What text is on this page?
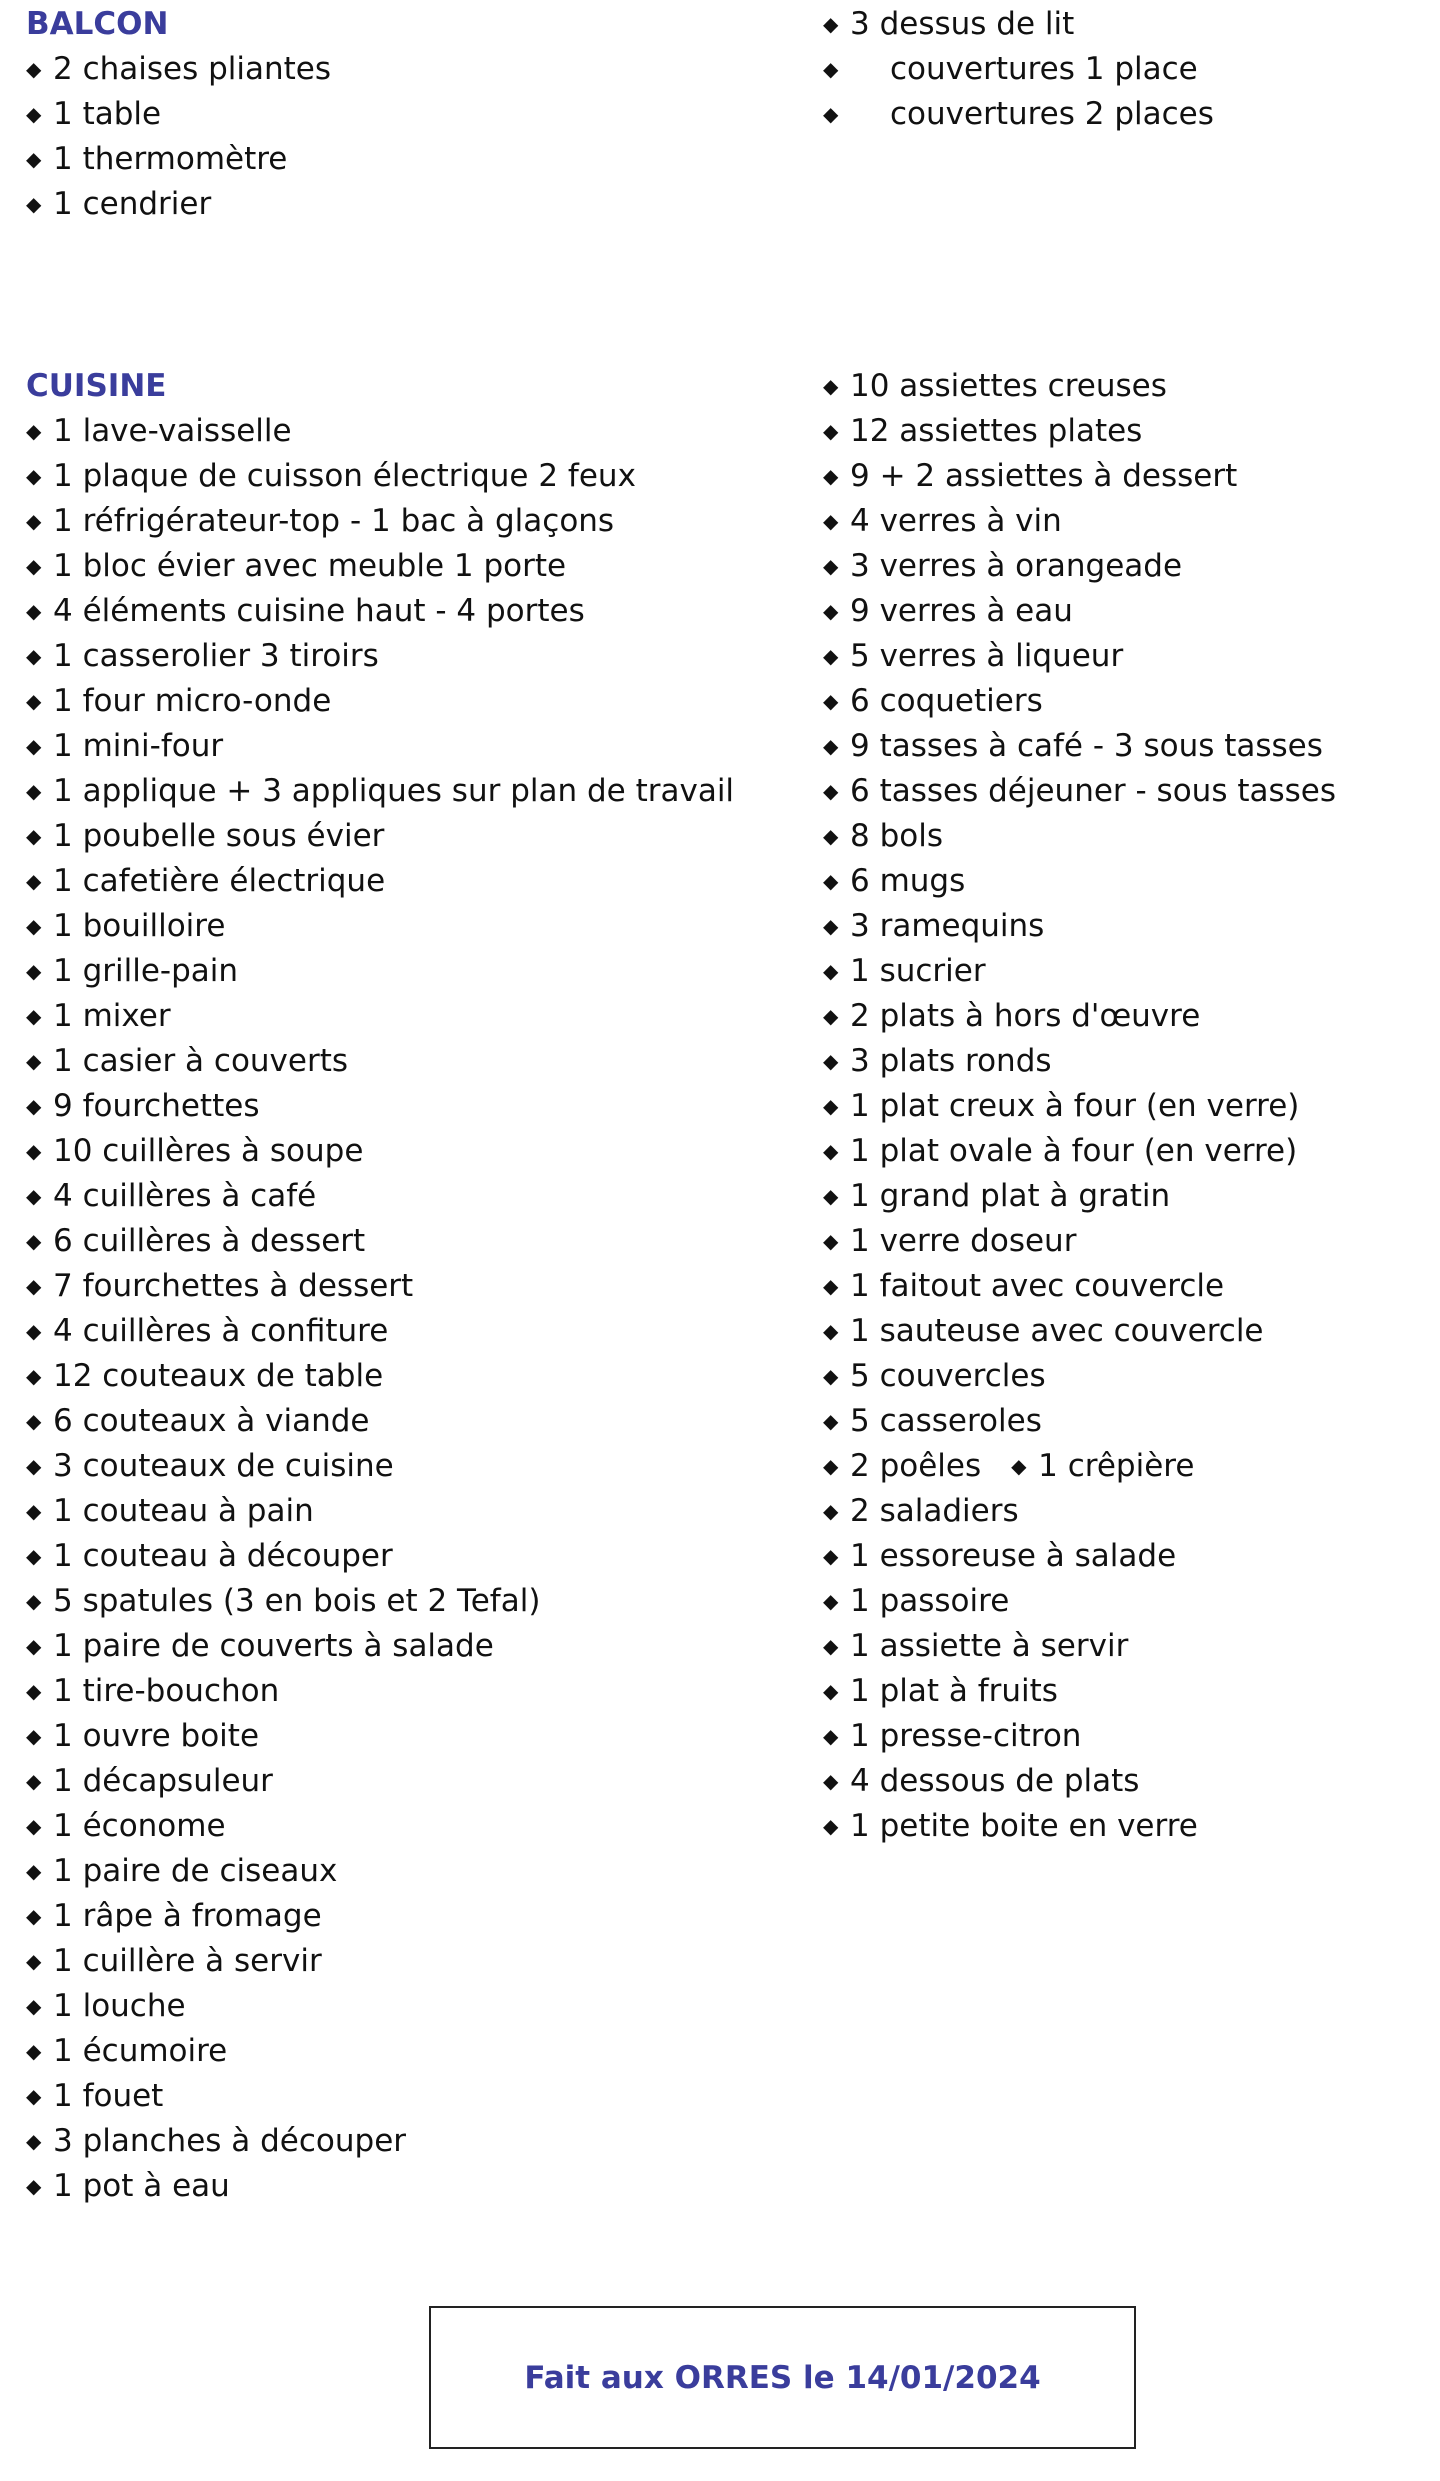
BALCON
◆ 2 chaises pliantes
◆ 1 table
◆ 1 thermomètre
◆ 1 cendrier
◆ 3 dessus de lit
◆ couvertures 1 place
◆ couvertures 2 places
CUISINE
◆ 1 lave-vaisselle
◆ 1 plaque de cuisson électrique 2 feux
◆ 1 réfrigérateur-top - 1 bac à glaçons
◆ 1 bloc évier avec meuble 1 porte
◆ 4 éléments cuisine haut - 4 portes
◆ 1 casserolier 3 tiroirs
◆ 1 four micro-onde
◆ 1 mini-four
◆ 1 applique + 3 appliques sur plan de travail
◆ 1 poubelle sous évier
◆ 1 cafetière électrique
◆ 1 bouilloire
◆ 1 grille-pain
◆ 1 mixer
◆ 1 casier à couverts
◆ 9 fourchettes
◆ 10 cuillères à soupe
◆ 4 cuillères à café
◆ 6 cuillères à dessert
◆ 7 fourchettes à dessert
◆ 4 cuillères à confiture
◆ 12 couteaux de table
◆ 6 couteaux à viande
◆ 3 couteaux de cuisine
◆ 1 couteau à pain
◆ 1 couteau à découper
◆ 5 spatules (3 en bois et 2 Tefal)
◆ 1 paire de couverts à salade
◆ 1 tire-bouchon
◆ 1 ouvre boite
◆ 1 décapsuleur
◆ 1 économe
◆ 1 paire de ciseaux
◆ 1 râpe à fromage
◆ 1 cuillère à servir
◆ 1 louche
◆ 1 écumoire
◆ 1 fouet
◆ 3 planches à découper
◆ 1 pot à eau
◆ 10 assiettes creuses
◆ 12 assiettes plates
◆ 9 + 2 assiettes à dessert
◆ 4 verres à vin
◆ 3 verres à orangeade
◆ 9 verres à eau
◆ 5 verres à liqueur
◆ 6 coquetiers
◆ 9 tasses à café - 3 sous tasses
◆ 6 tasses déjeuner - sous tasses
◆ 8 bols
◆ 6 mugs
◆ 3 ramequins
◆ 1 sucrier
◆ 2 plats à hors d'œuvre
◆ 3 plats ronds
◆ 1 plat creux à four (en verre)
◆ 1 plat ovale à four (en verre)
◆ 1 grand plat à gratin
◆ 1 verre doseur
◆ 1 faitout avec couvercle
◆ 1 sauteuse avec couvercle
◆ 5 couvercles
◆ 5 casseroles
◆ 2 poêles ◆ 1 crêpière
◆ 2 saladiers
◆ 1 essoreuse à salade
◆ 1 passoire
◆ 1 assiette à servir
◆ 1 plat à fruits
◆ 1 presse-citron
◆ 4 dessous de plats
◆ 1 petite boite en verre
Fait aux ORRES le 14/01/2024
